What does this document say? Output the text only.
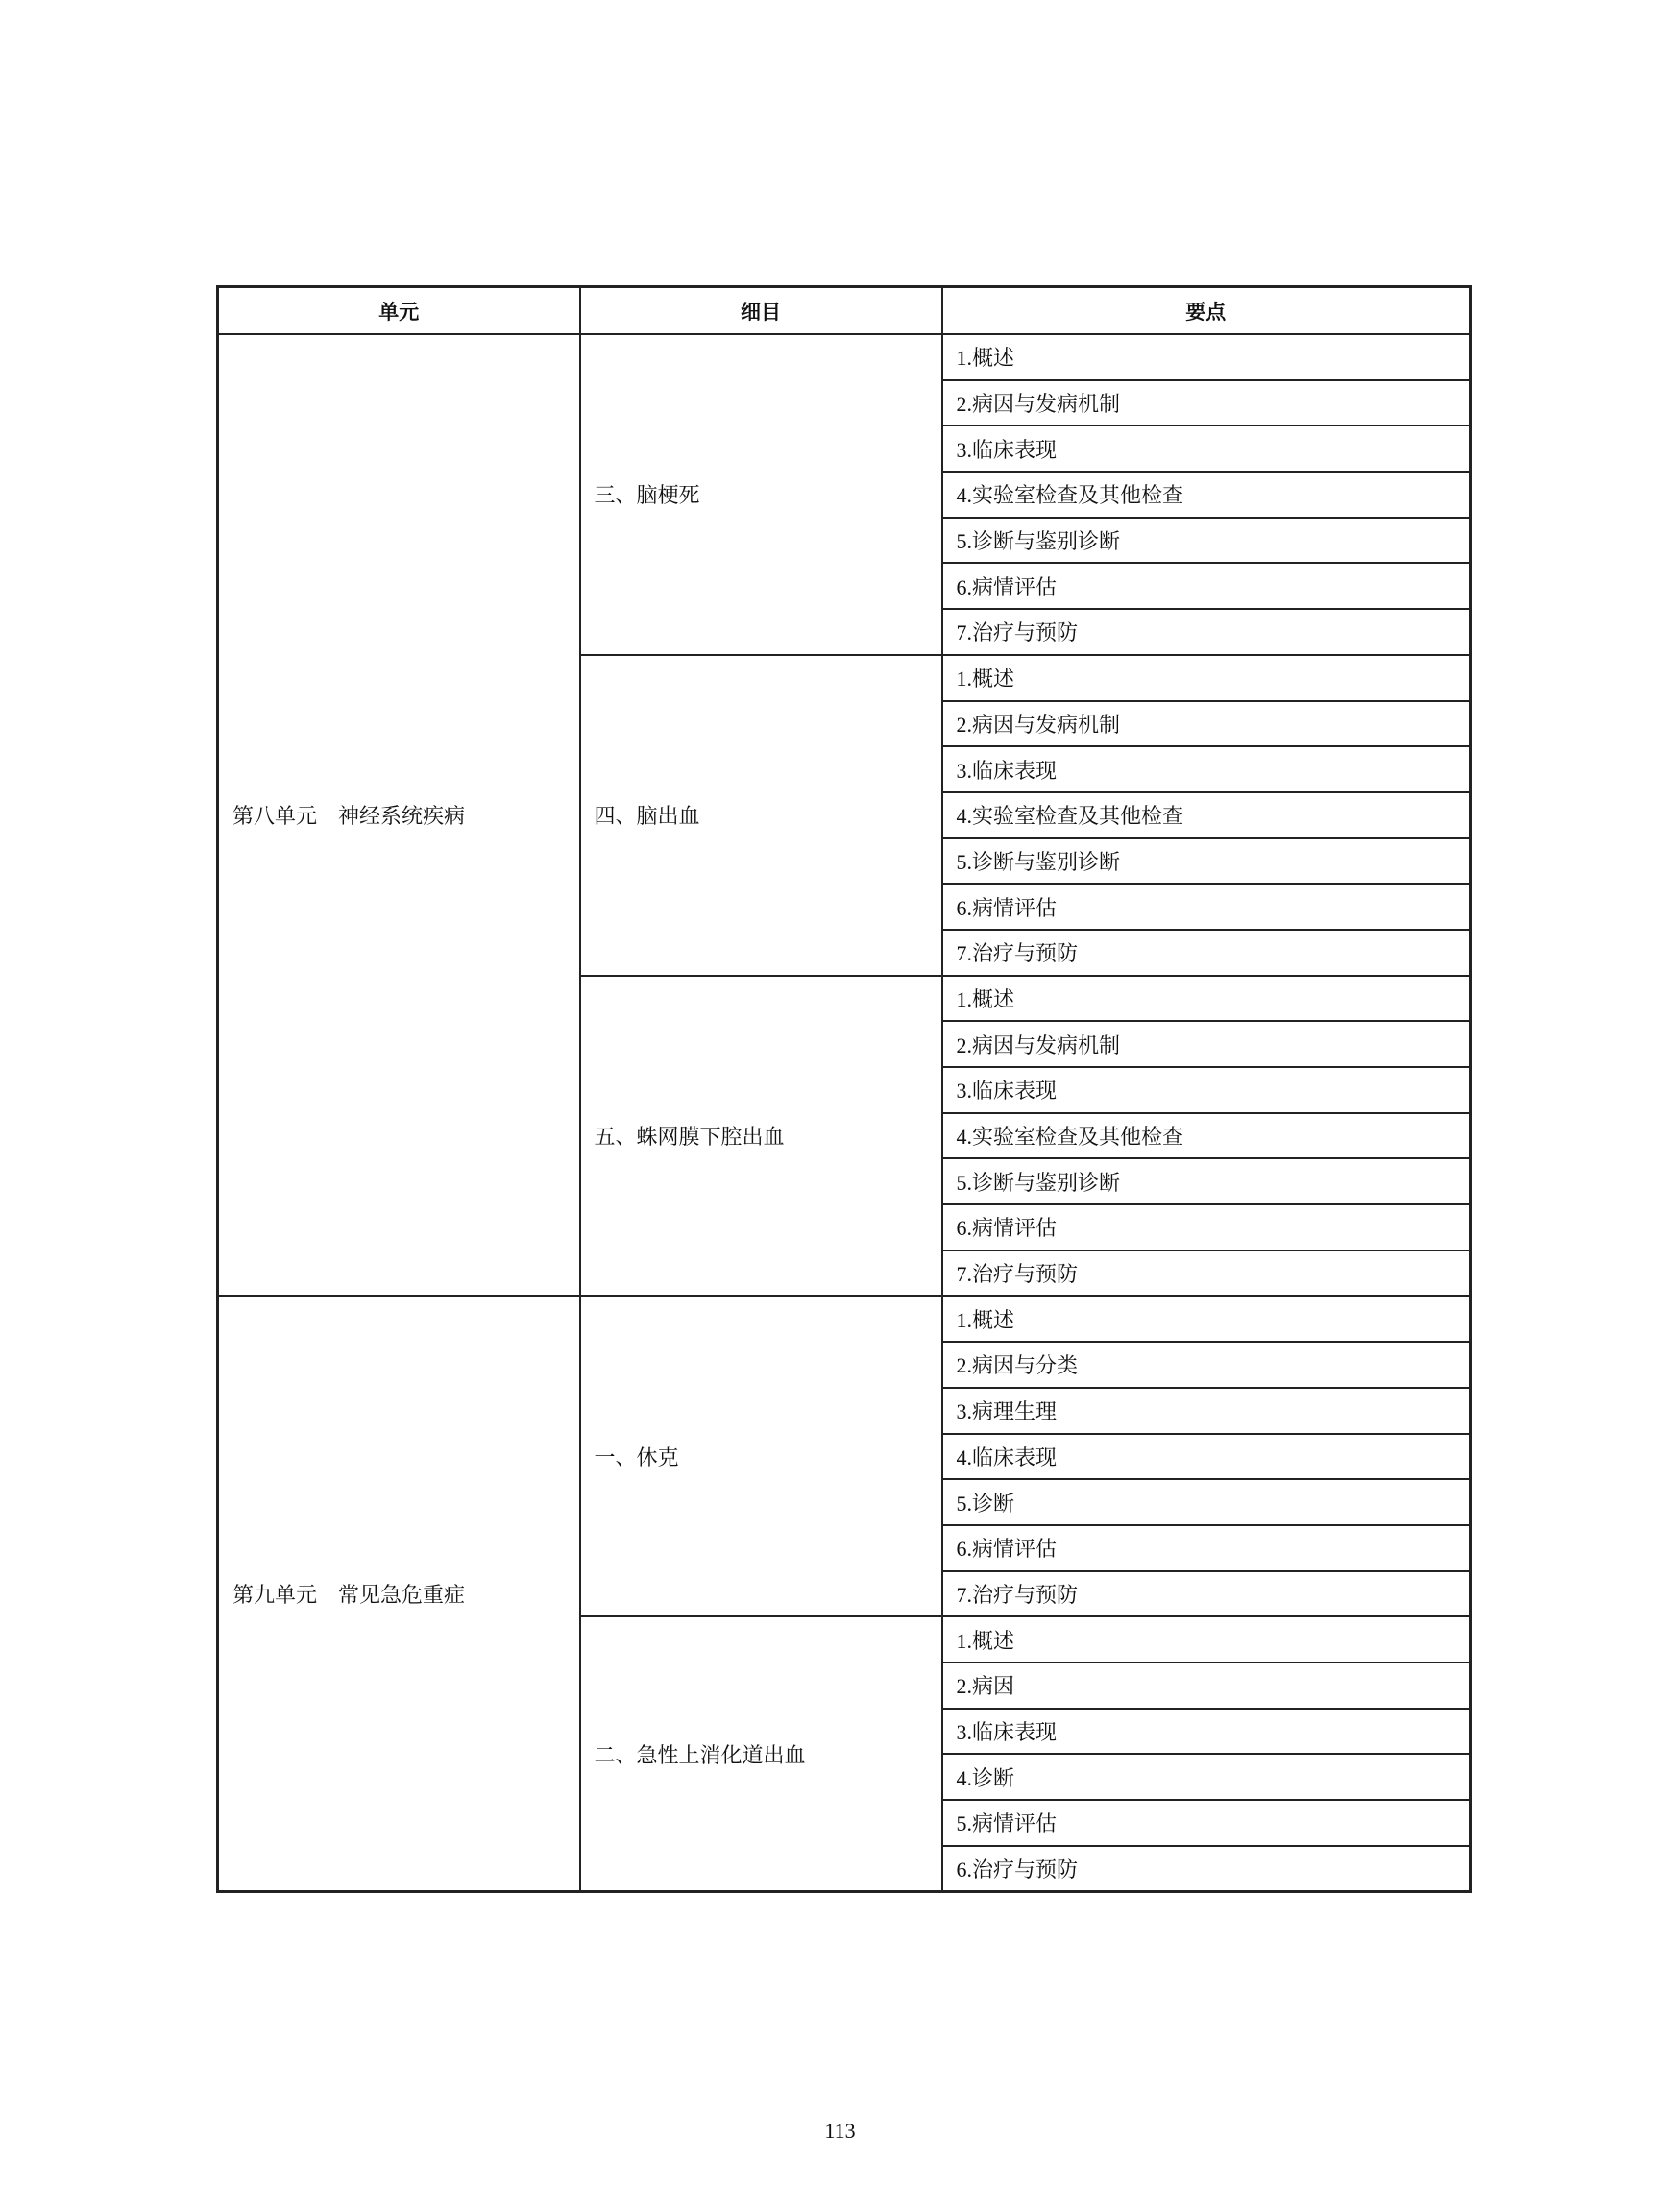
单元	细目	要点
第八单元　神经系统疾病	三、脑梗死	1.概述
		2.病因与发病机制
		3.临床表现
		4.实验室检查及其他检查
		5.诊断与鉴别诊断
		6.病情评估
		7.治疗与预防
	四、脑出血	1.概述
		2.病因与发病机制
		3.临床表现
		4.实验室检查及其他检查
		5.诊断与鉴别诊断
		6.病情评估
		7.治疗与预防
	五、蛛网膜下腔出血	1.概述
		2.病因与发病机制
		3.临床表现
		4.实验室检查及其他检查
		5.诊断与鉴别诊断
		6.病情评估
		7.治疗与预防
第九单元　常见急危重症	一、休克	1.概述
		2.病因与分类
		3.病理生理
		4.临床表现
		5.诊断
		6.病情评估
		7.治疗与预防
	二、急性上消化道出血	1.概述
		2.病因
		3.临床表现
		4.诊断
		5.病情评估
		6.治疗与预防
113
